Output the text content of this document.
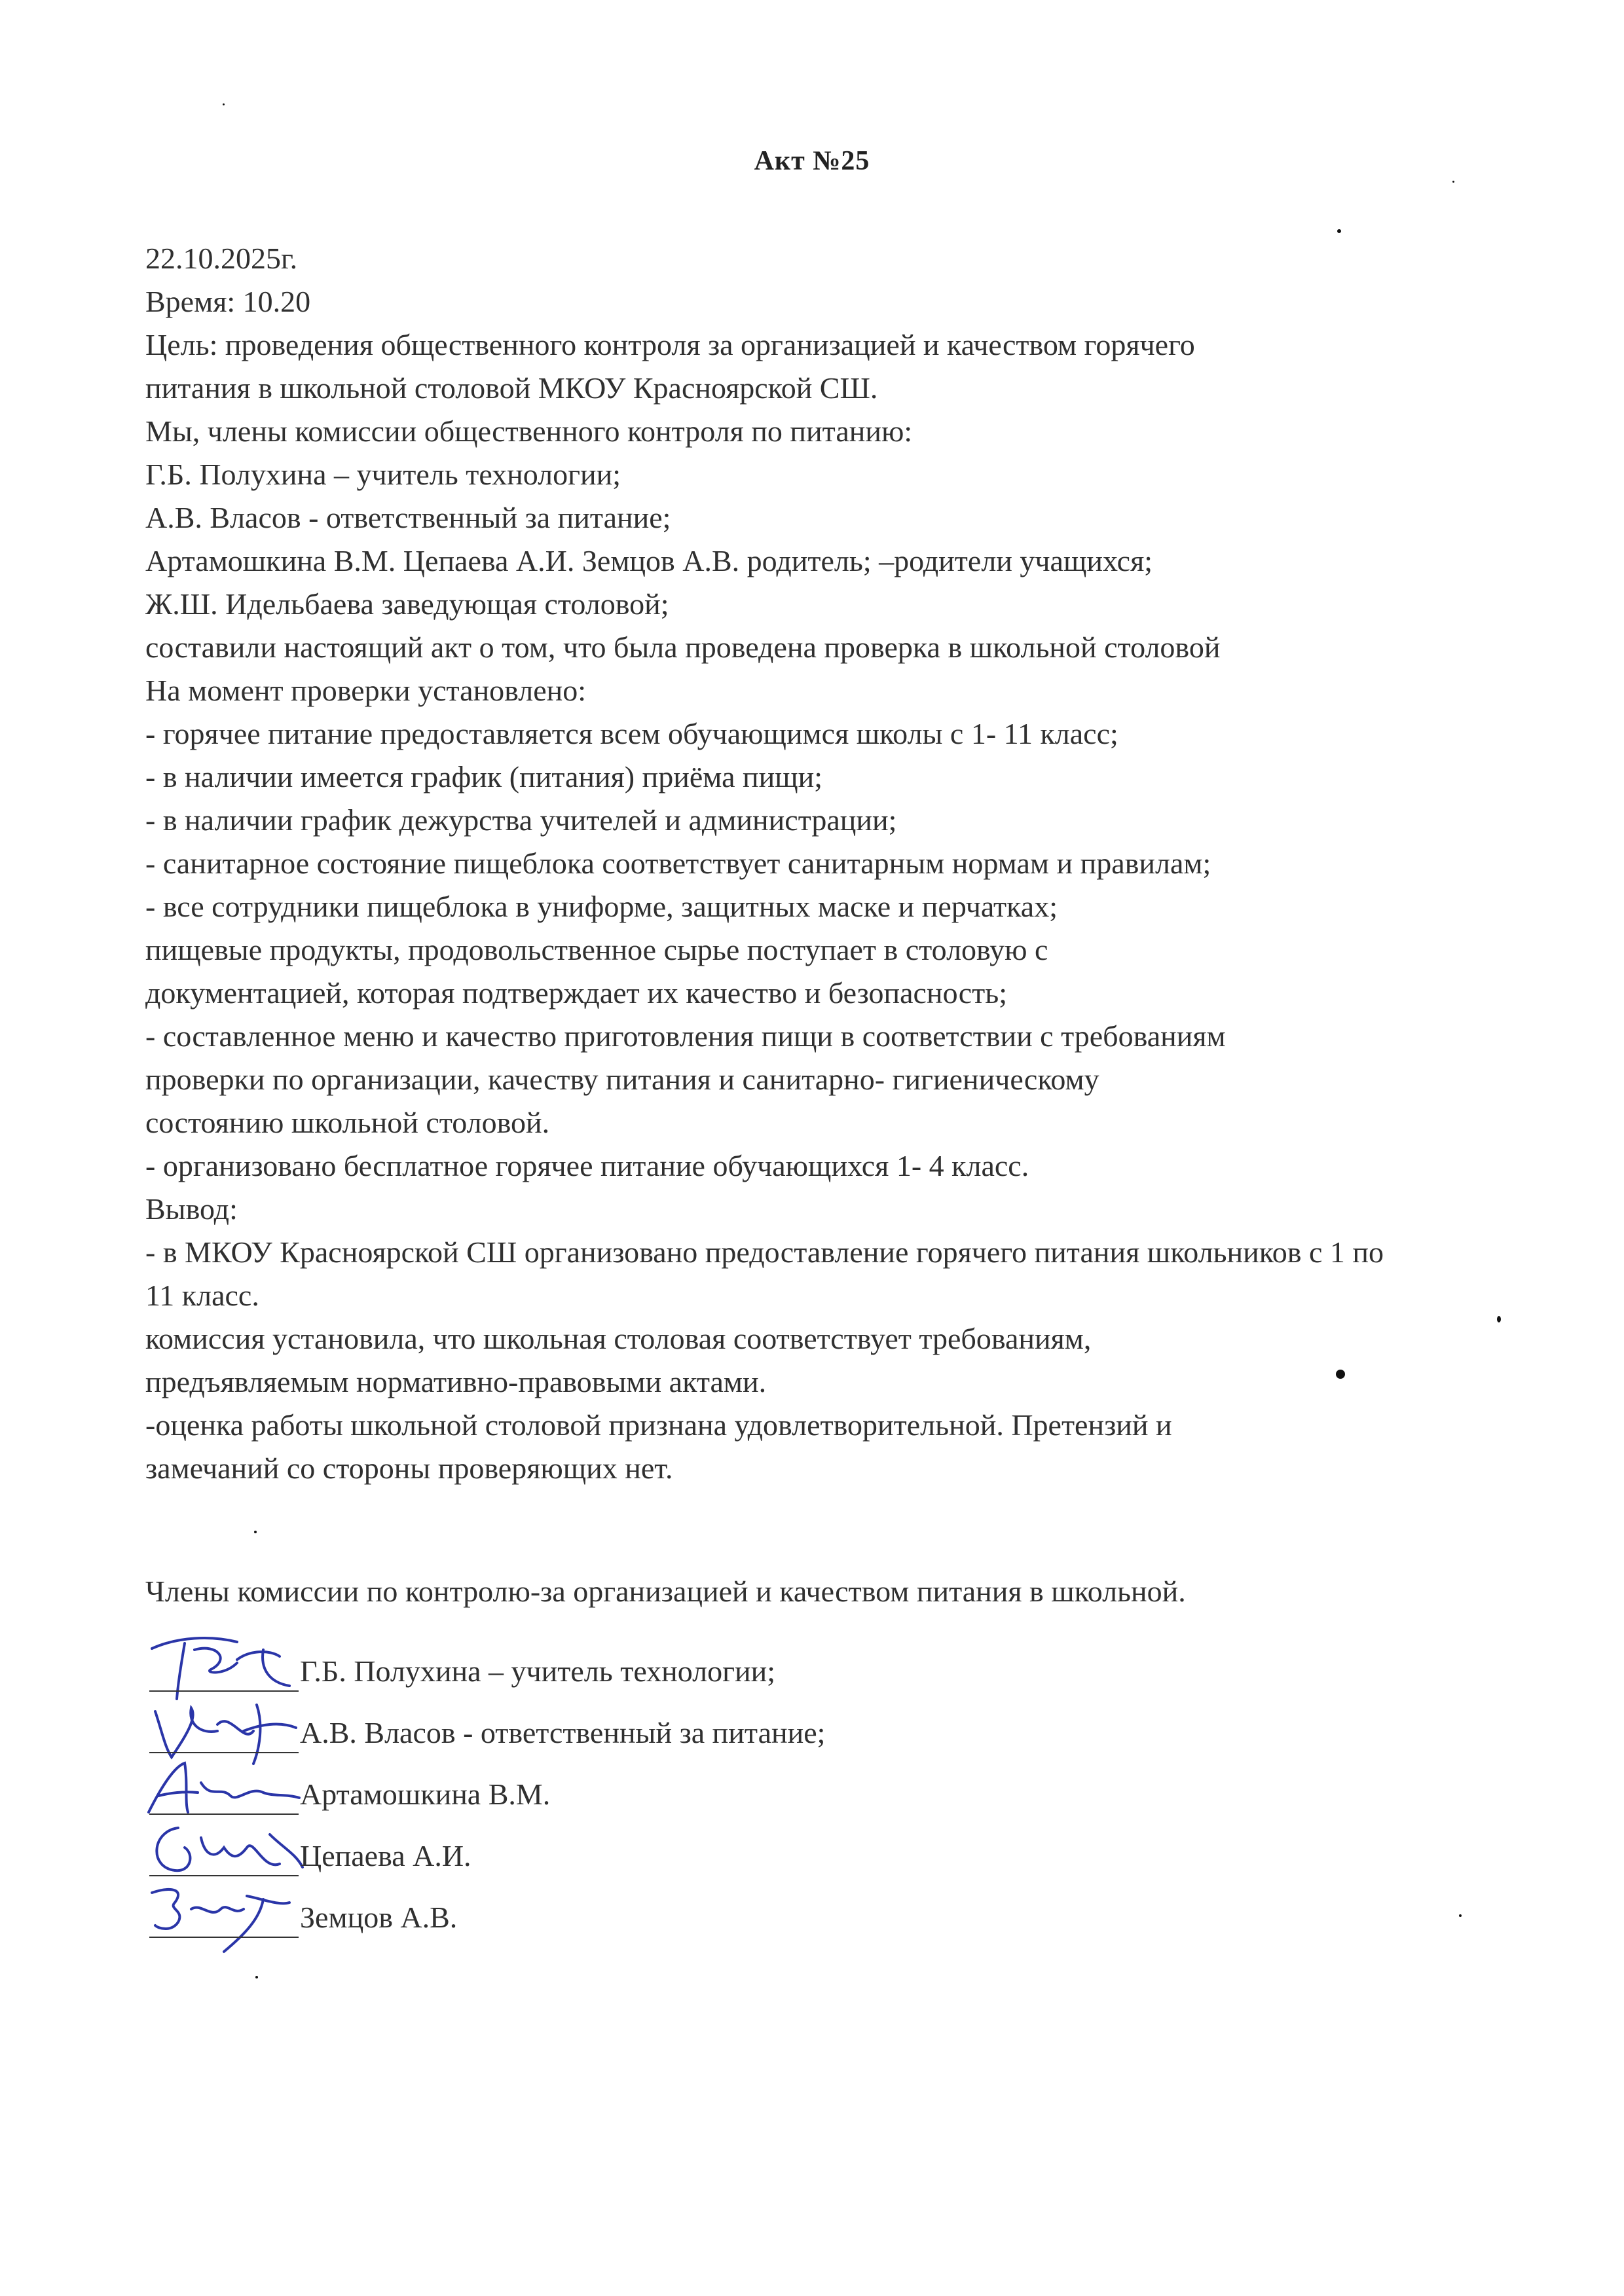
Акт №25
22.10.2025г.
Время: 10.20
Цель: проведения общественного контроля за организацией и качеством горячего
питания в школьной столовой МКОУ Красноярской СШ.
Мы, члены комиссии общественного контроля по питанию:
Г.Б. Полухина – учитель технологии;
А.В. Власов - ответственный за питание;
Артамошкина В.М. Цепаева А.И. Земцов А.В. родитель; –родители учащихся;
Ж.Ш. Идельбаева заведующая столовой;
составили настоящий акт о том, что была проведена проверка в школьной столовой
На момент проверки установлено:
- горячее питание предоставляется всем обучающимся школы с 1- 11 класс;
- в наличии имеется график (питания) приёма пищи;
- в наличии график дежурства учителей и администрации;
- санитарное состояние пищеблока соответствует санитарным нормам и правилам;
- все сотрудники пищеблока в униформе, защитных маске и перчатках;
пищевые продукты, продовольственное сырье поступает в столовую с
документацией, которая подтверждает их качество и безопасность;
- составленное меню и качество приготовления пищи в соответствии с требованиям
проверки по организации, качеству питания и санитарно- гигиеническому
состоянию школьной столовой.
- организовано бесплатное горячее питание обучающихся 1- 4 класс.
Вывод:
- в МКОУ Красноярской СШ организовано предоставление горячего питания школьников с 1 по
11 класс.
комиссия установила, что школьная столовая соответствует требованиям,
предъявляемым нормативно-правовыми актами.
-оценка работы школьной столовой признана удовлетворительной. Претензий и
замечаний со стороны проверяющих нет.
Члены комиссии по контролю-за организацией и качеством питания в школьной.
Г.Б. Полухина – учитель технологии;
А.В. Власов - ответственный за питание;
Артамошкина В.М.
Цепаева А.И.
Земцов А.В.
